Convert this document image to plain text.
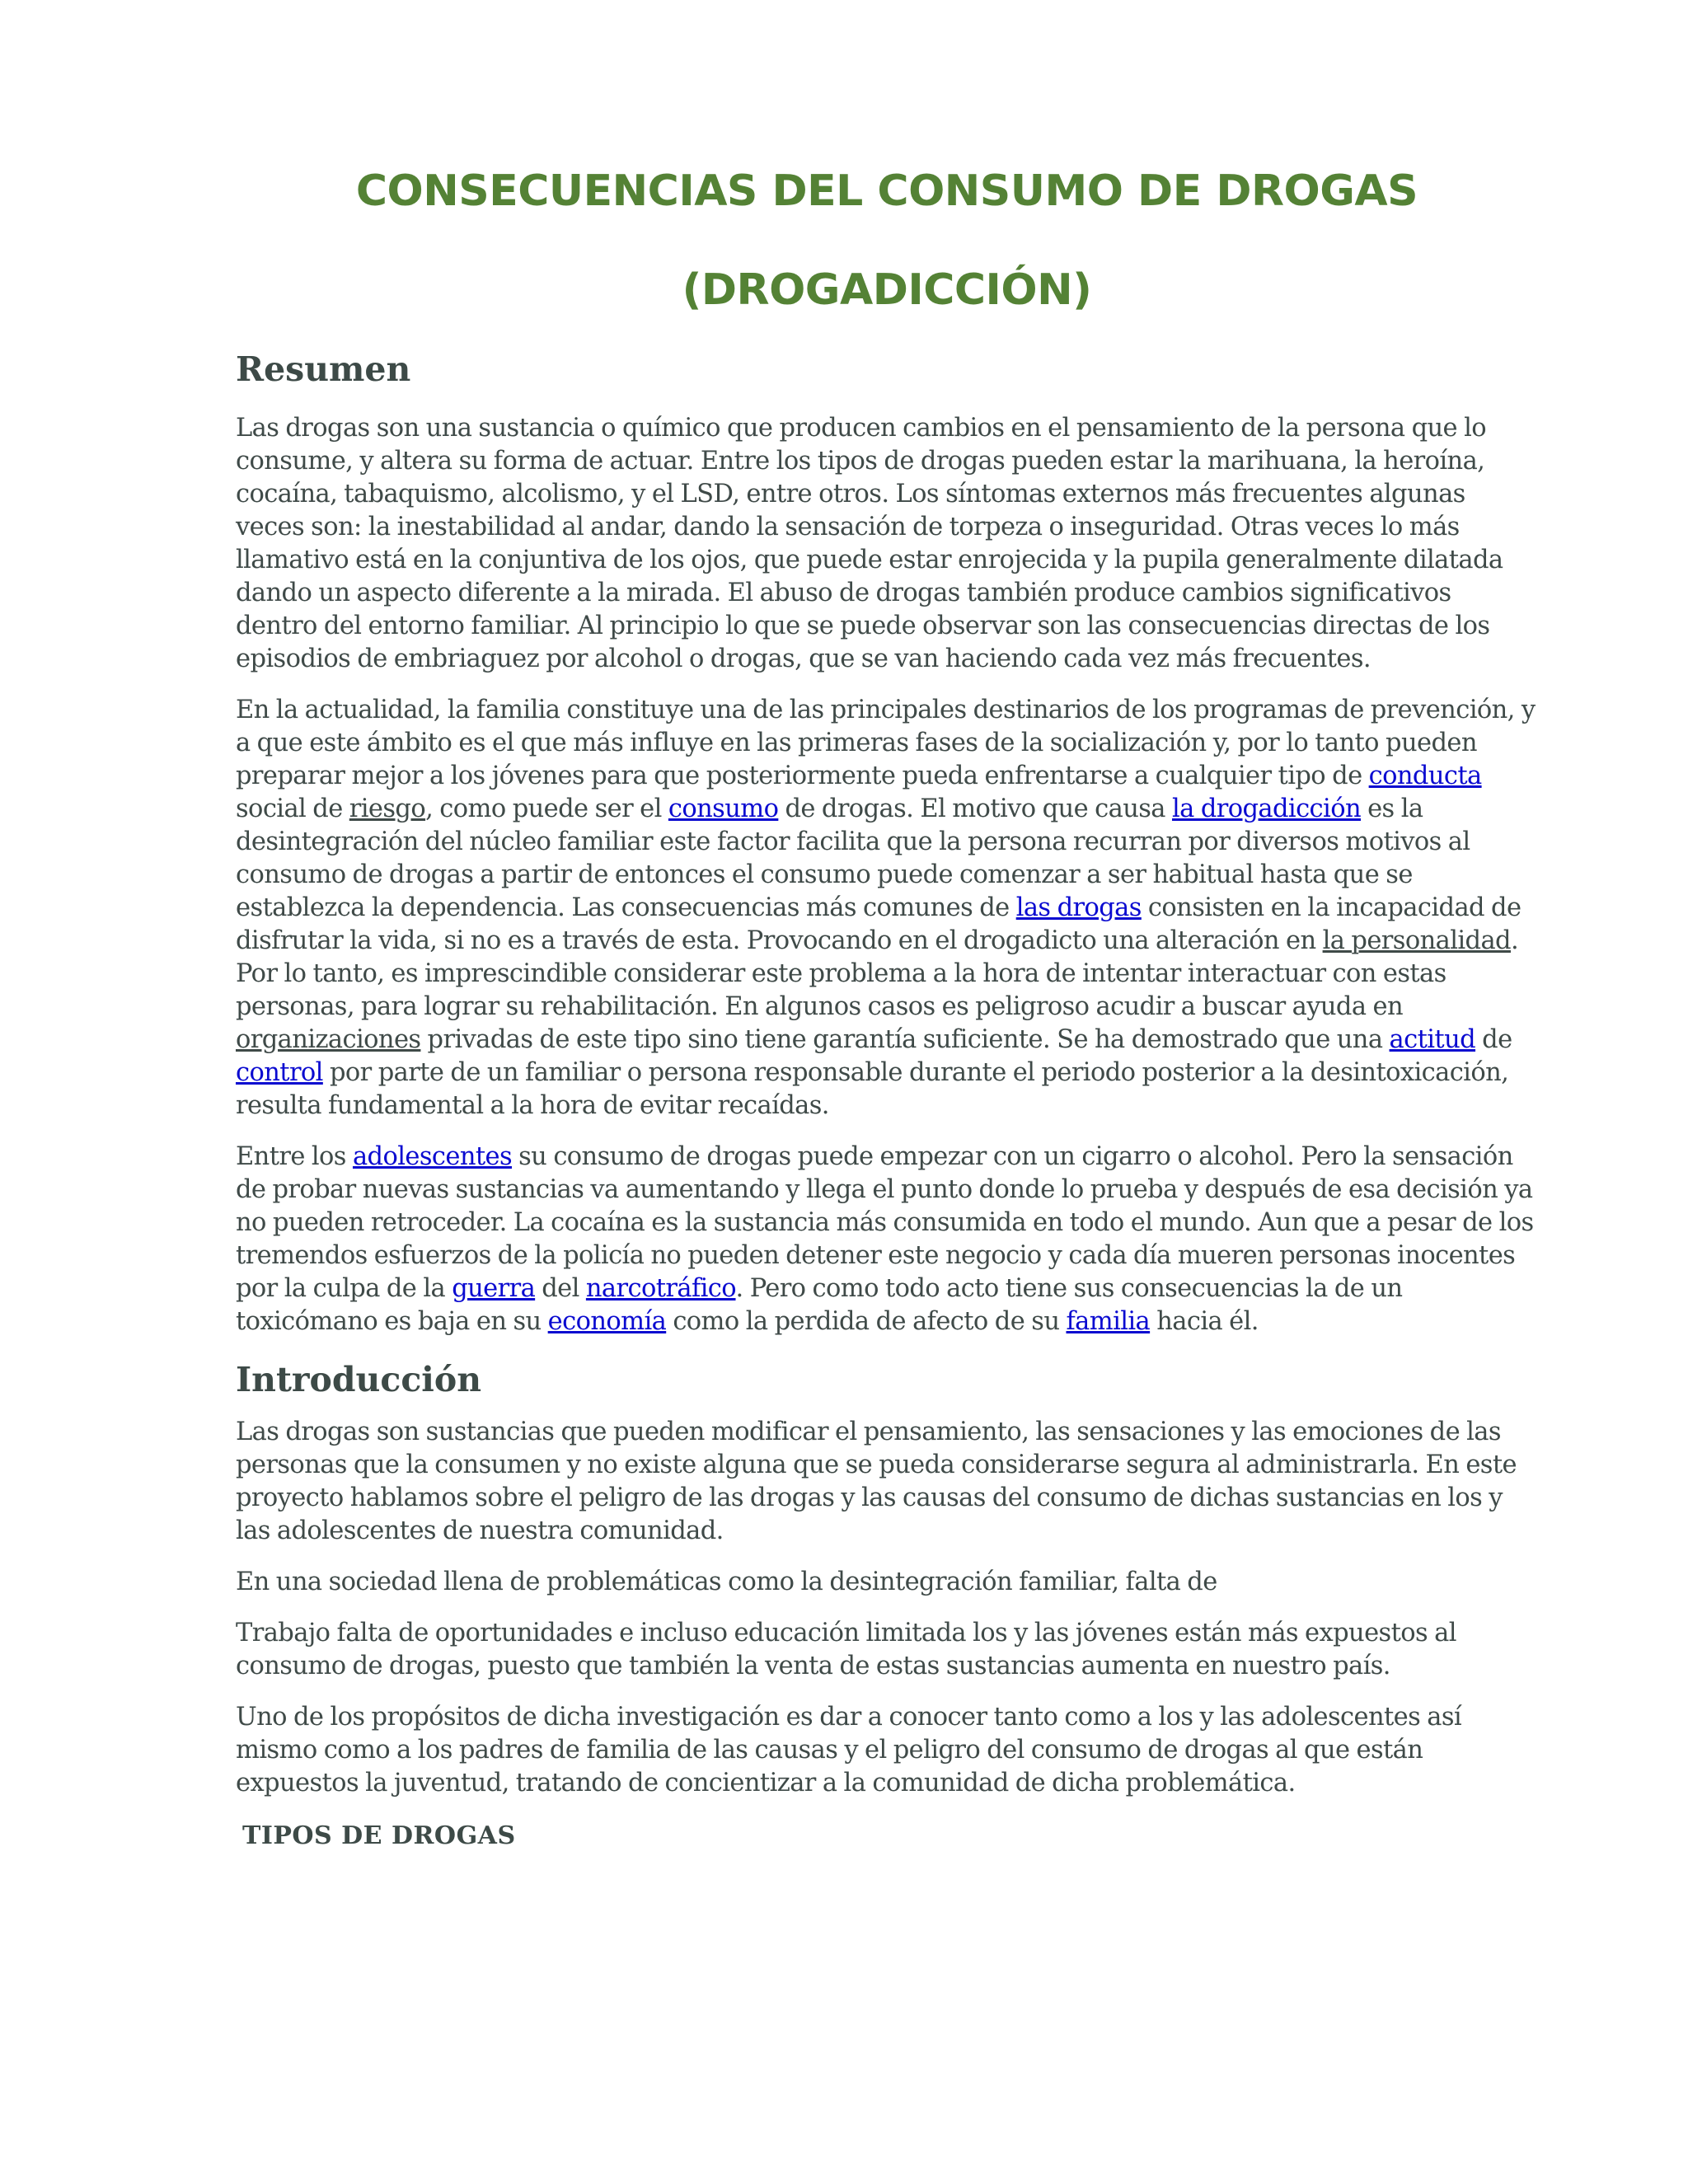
CONSECUENCIAS DEL CONSUMO DE DROGAS
(DROGADICCIÓN)
Resumen

Las drogas son una sustancia o químico que producen cambios en el pensamiento de la persona que lo consume, y altera su forma de actuar. Entre los tipos de drogas pueden estar la marihuana, la heroína, cocaína, tabaquismo, alcolismo, y el LSD, entre otros. Los síntomas externos más frecuentes algunas veces son: la inestabilidad al andar, dando la sensación de torpeza o inseguridad. Otras veces lo más llamativo está en la conjuntiva de los ojos, que puede estar enrojecida y la pupila generalmente dilatada dando un aspecto diferente a la mirada. El abuso de drogas también produce cambios significativos dentro del entorno familiar. Al principio lo que se puede observar son las consecuencias directas de los episodios de embriaguez por alcohol o drogas, que se van haciendo cada vez más frecuentes.

En la actualidad, la familia constituye una de las principales destinarios de los programas de prevención, y a que este ámbito es el que más influye en las primeras fases de la socialización y, por lo tanto pueden preparar mejor a los jóvenes para que posteriormente pueda enfrentarse a cualquier tipo de conducta social de riesgo, como puede ser el consumo de drogas. El motivo que causa la drogadicción es la desintegración del núcleo familiar este factor facilita que la persona recurran por diversos motivos al consumo de drogas a partir de entonces el consumo puede comenzar a ser habitual hasta que se establezca la dependencia. Las consecuencias más comunes de las drogas consisten en la incapacidad de disfrutar la vida, si no es a través de esta. Provocando en el drogadicto una alteración en la personalidad. Por lo tanto, es imprescindible considerar este problema a la hora de intentar interactuar con estas personas, para lograr su rehabilitación. En algunos casos es peligroso acudir a buscar ayuda en organizaciones privadas de este tipo sino tiene garantía suficiente. Se ha demostrado que una actitud de control por parte de un familiar o persona responsable durante el periodo posterior a la desintoxicación, resulta fundamental a la hora de evitar recaídas.

Entre los adolescentes su consumo de drogas puede empezar con un cigarro o alcohol. Pero la sensación de probar nuevas sustancias va aumentando y llega el punto donde lo prueba y después de esa decisión ya no pueden retroceder. La cocaína es la sustancia más consumida en todo el mundo. Aun que a pesar de los tremendos esfuerzos de la policía no pueden detener este negocio y cada día mueren personas inocentes por la culpa de la guerra del narcotráfico. Pero como todo acto tiene sus consecuencias la de un toxicómano es baja en su economía como la perdida de afecto de su familia hacia él.

Introducción

Las drogas son sustancias que pueden modificar el pensamiento, las sensaciones y las emociones de las personas que la consumen y no existe alguna que se pueda considerarse segura al administrarla. En este proyecto hablamos sobre el peligro de las drogas y las causas del consumo de dichas sustancias en los y las adolescentes de nuestra comunidad.

En una sociedad llena de problemáticas como la desintegración familiar, falta de

Trabajo falta de oportunidades e incluso educación limitada los y las jóvenes están más expuestos al consumo de drogas, puesto que también la venta de estas sustancias aumenta en nuestro país.

Uno de los propósitos de dicha investigación es dar a conocer tanto como a los y las adolescentes así mismo como a los padres de familia de las causas y el peligro del consumo de drogas al que están expuestos la juventud, tratando de concientizar a la comunidad de dicha problemática.

TIPOS DE DROGAS
